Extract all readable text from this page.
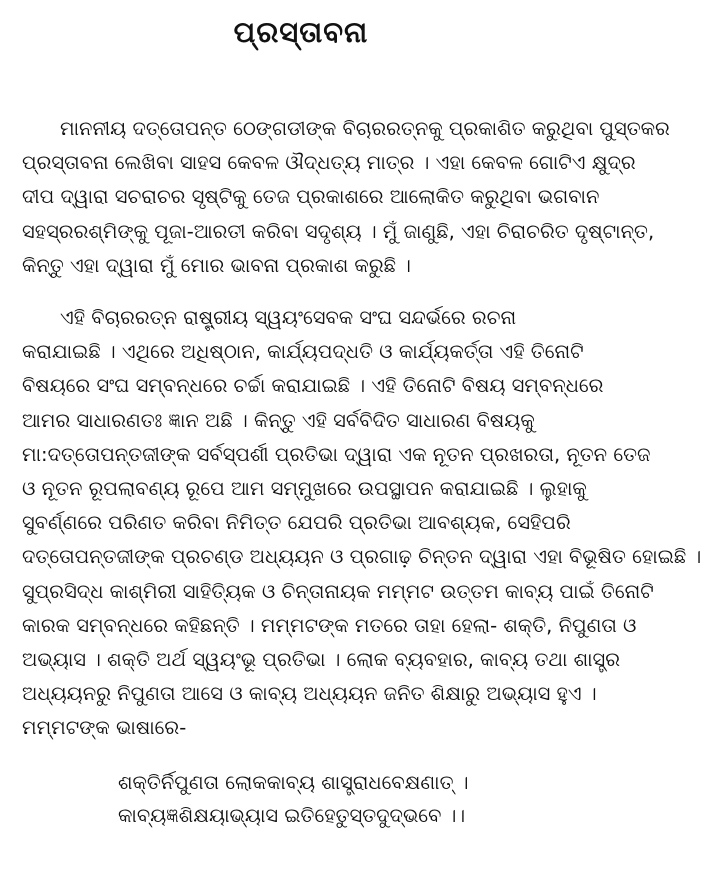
ପ୍ରସ୍ତାବନା
ମାନନୀୟ ଦତ୍ତୋପନ୍ତ ଠେଙ୍ଗଡୀଙ୍କ ବିଚାରରତ୍ନକୁ ପ୍ରକାଶିତ କରୁଥିବା ପୁସ୍ତକର
ପ୍ରସ୍ତାବନା ଲେଖିବା ସାହସ କେବଳ ଔଦ୍ଧତ୍ୟ ମାତ୍ର । ଏହା କେବଳ ଗୋଟିଏ କ୍ଷୁଦ୍ର
ଦୀପ ଦ୍ୱାରା ସଚରାଚର ସୃଷ୍ଟିକୁ ତେଜ ପ୍ରକାଶରେ ଆଲୋକିତ କରୁଥିବା ଭଗବାନ
ସହସ୍ରରଶ୍ମିଙ୍କୁ ପୂଜା-ଆରତୀ କରିବା ସଦୃଶ୍ୟ । ମୁଁ ଜାଣୁଛି, ଏହା ଚିରାଚରିତ ଦୃଷ୍ଟାନ୍ତ,
କିନ୍ତୁ ଏହା ଦ୍ୱାରା ମୁଁ ମୋର ଭାବନା ପ୍ରକାଶ କରୁଛି ।
ଏହି ବିଚାରରତ୍ନ ରାଷ୍ଟ୍ରୀୟ ସ୍ୱୟଂସେବକ ସଂଘ ସନ୍ଦର୍ଭରେ ରଚନା
କରାଯାଇଛି । ଏଥିରେ ଅଧିଷ୍ଠାନ, କାର୍ଯ୍ୟପଦ୍ଧତି ଓ କାର୍ଯ୍ୟକର୍ତ୍ତା ଏହି ତିନୋଟି
ବିଷୟରେ ସଂଘ ସମ୍ବନ୍ଧରେ ଚର୍ଚ୍ଚା କରାଯାଇଛି । ଏହି ତିନୋଟି ବିଷୟ ସମ୍ବନ୍ଧରେ
ଆମର ସାଧାରଣତଃ ଜ୍ଞାନ ଅଛି । କିନ୍ତୁ ଏହି ସର୍ବବିଦିତ ସାଧାରଣ ବିଷୟକୁ
ମା:ଦତ୍ତୋପନ୍ତଜୀଙ୍କ ସର୍ବସ୍ପର୍ଶୀ ପ୍ରତିଭା ଦ୍ୱାରା ଏକ ନୂତନ ପ୍ରଖରତା, ନୂତନ ତେଜ
ଓ ନୂତନ ରୂପଲାବଣ୍ୟ ରୂପେ ଆମ ସମ୍ମୁଖରେ ଉପସ୍ଥାପନ କରାଯାଇଛି । ଲୁହାକୁ
ସୁବର୍ଣ୍ଣରେ ପରିଣତ କରିବା ନିମିତ୍ତ ଯେପରି ପ୍ରତିଭା ଆବଶ୍ୟକ, ସେହିପରି
ଦତ୍ତୋପନ୍ତଜୀଙ୍କ ପ୍ରଚଣ୍ଡ ଅଧ୍ୟୟନ ଓ ପ୍ରଗାଢ଼ ଚିନ୍ତନ ଦ୍ୱାରା ଏହା ବିଭୂଷିତ ହୋଇଛି ।
ସୁପ୍ରସିଦ୍ଧ କାଶ୍ମିରୀ ସାହିତ୍ୟିକ ଓ ଚିନ୍ତାନାୟକ ମମ୍ମଟ ଉତ୍ତମ କାବ୍ୟ ପାଇଁ ତିନୋଟି
କାରକ ସମ୍ବନ୍ଧରେ କହିଛନ୍ତି । ମମ୍ମଟଙ୍କ ମତରେ ତାହା ହେଲା- ଶକ୍ତି, ନିପୁଣତା ଓ
ଅଭ୍ୟାସ । ଶକ୍ତି ଅର୍ଥ ସ୍ୱୟଂଭୂ ପ୍ରତିଭା । ଲୋକ ବ୍ୟବହାର, କାବ୍ୟ ତଥା ଶାସ୍ତ୍ର
ଅଧ୍ୟୟନରୁ ନିପୁଣତା ଆସେ ଓ କାବ୍ୟ ଅଧ୍ୟୟନ ଜନିତ ଶିକ୍ଷାରୁ ଅଭ୍ୟାସ ହୁଏ ।
ମମ୍ମଟଙ୍କ ଭାଷାରେ-
ଶକ୍ତିର୍ନିପୁଣତା ଲୋକକାବ୍ୟ ଶାସ୍ତ୍ରାଧବେକ୍ଷଣାତ୍ ।
କାବ୍ୟଜ୍ଞଶିକ୍ଷୟାଭ୍ୟାସ ଇତିହେତୁସ୍ତଦୁଦ୍ଭବେ ।।
